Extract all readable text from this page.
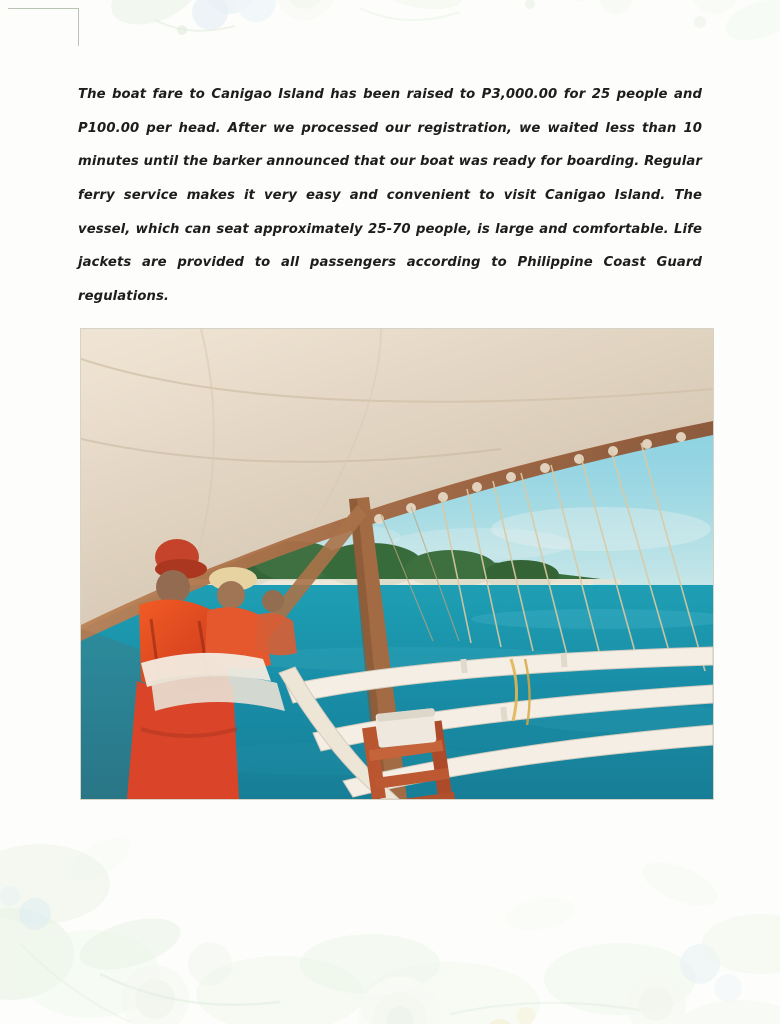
The boat fare to Canigao Island has been raised to P3,000.00 for 25 people and P100.00 per head. After we processed our registration, we waited less than 10 minutes until the barker announced that our boat was ready for boarding. Regular ferry service makes it very easy and convenient to visit Canigao Island. The vessel, which can seat approximately 25-70 people, is large and comfortable. Life jackets are provided to all passengers according to Philippine Coast Guard regulations.
